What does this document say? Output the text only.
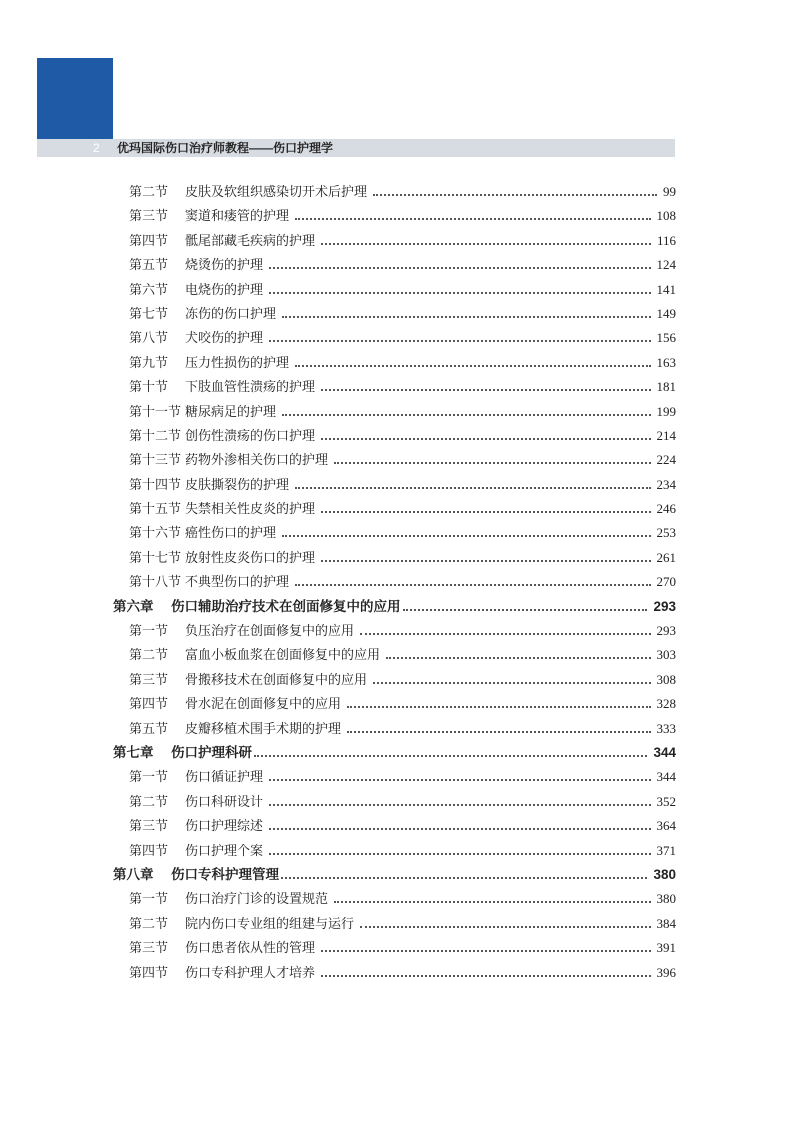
2 优玛国际伤口治疗师教程——伤口护理学
第二节 皮肤及软组织感染切开术后护理	99
第三节 窦道和瘘管的护理	108
第四节 骶尾部藏毛疾病的护理	116
第五节 烧烫伤的护理	124
第六节 电烧伤的护理	141
第七节 冻伤的伤口护理	149
第八节 犬咬伤的护理	156
第九节 压力性损伤的护理	163
第十节 下肢血管性溃疡的护理	181
第十一节 糖尿病足的护理	199
第十二节 创伤性溃疡的伤口护理	214
第十三节 药物外渗相关伤口的护理	224
第十四节 皮肤撕裂伤的护理	234
第十五节 失禁相关性皮炎的护理	246
第十六节 癌性伤口的护理	253
第十七节 放射性皮炎伤口的护理	261
第十八节 不典型伤口的护理	270
第六章 伤口辅助治疗技术在创面修复中的应用	293
第一节 负压治疗在创面修复中的应用	293
第二节 富血小板血浆在创面修复中的应用	303
第三节 骨搬移技术在创面修复中的应用	308
第四节 骨水泥在创面修复中的应用	328
第五节 皮瓣移植术围手术期的护理	333
第七章 伤口护理科研	344
第一节 伤口循证护理	344
第二节 伤口科研设计	352
第三节 伤口护理综述	364
第四节 伤口护理个案	371
第八章 伤口专科护理管理	380
第一节 伤口治疗门诊的设置规范	380
第二节 院内伤口专业组的组建与运行	384
第三节 伤口患者依从性的管理	391
第四节 伤口专科护理人才培养	396
